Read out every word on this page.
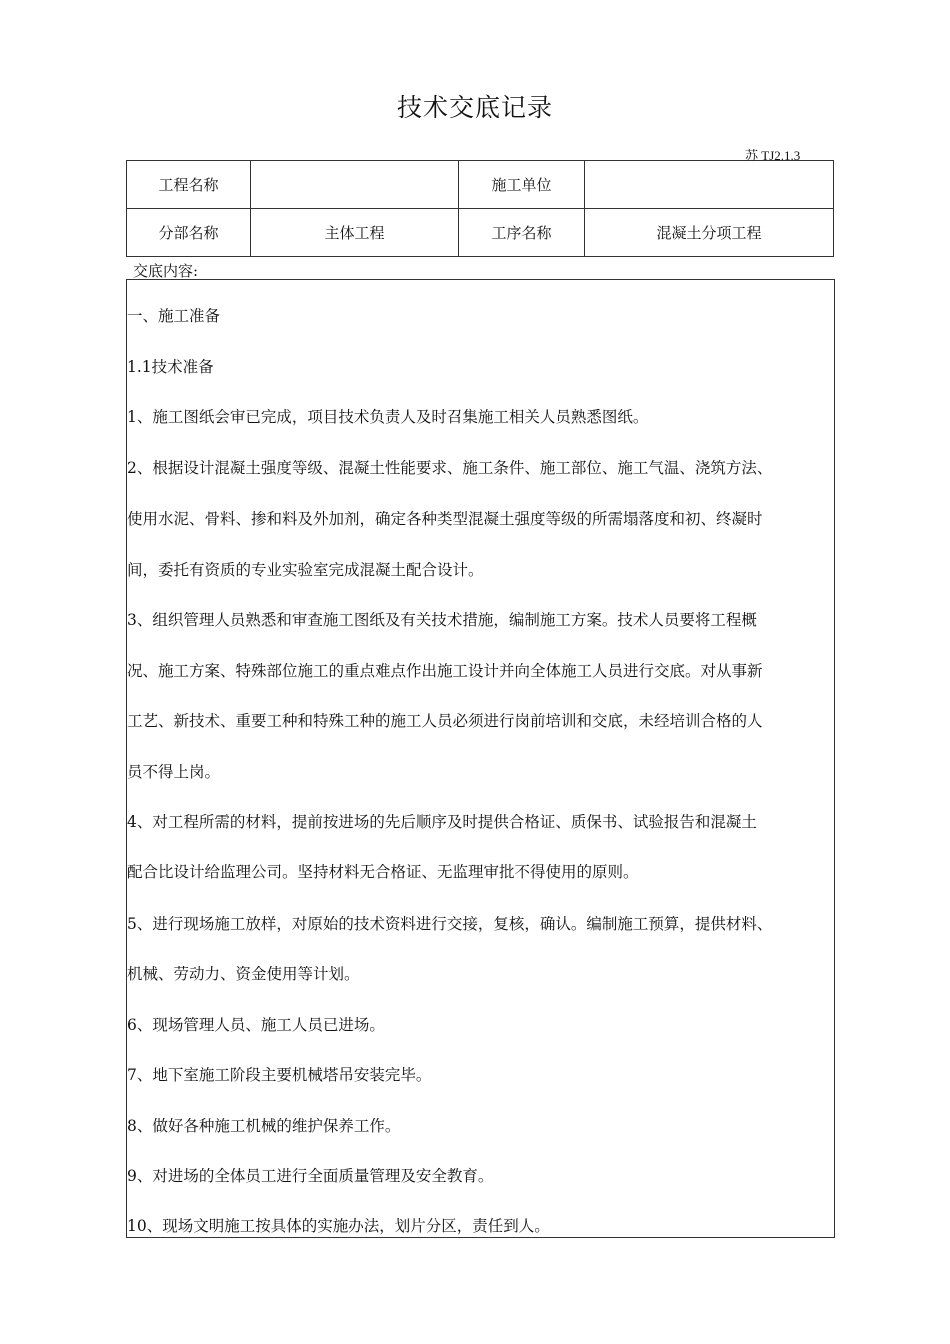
技术交底记录
苏 TJ2.1.3
工程名称		施工单位	
分部名称	主体工程	工序名称	混凝土分项工程
交底内容:

一、施工准备

1.1技术准备

1、施工图纸会审已完成，项目技术负责人及时召集施工相关人员熟悉图纸。

2、根据设计混凝土强度等级、混凝土性能要求、施工条件、施工部位、施工气温、浇筑方法、

使用水泥、骨料、掺和料及外加剂，确定各种类型混凝土强度等级的所需塌落度和初、终凝时

间，委托有资质的专业实验室完成混凝土配合设计。

3、组织管理人员熟悉和审查施工图纸及有关技术措施，编制施工方案。技术人员要将工程概

况、施工方案、特殊部位施工的重点难点作出施工设计并向全体施工人员进行交底。对从事新

工艺、新技术、重要工种和特殊工种的施工人员必须进行岗前培训和交底，未经培训合格的人

员不得上岗。

4、对工程所需的材料，提前按进场的先后顺序及时提供合格证、质保书、试验报告和混凝土

配合比设计给监理公司。坚持材料无合格证、无监理审批不得使用的原则。

5、进行现场施工放样，对原始的技术资料进行交接，复核，确认。编制施工预算，提供材料、

机械、劳动力、资金使用等计划。

6、现场管理人员、施工人员已进场。

7、地下室施工阶段主要机械塔吊安装完毕。

8、做好各种施工机械的维护保养工作。

9、对进场的全体员工进行全面质量管理及安全教育。

10、现场文明施工按具体的实施办法，划片分区，责任到人。
